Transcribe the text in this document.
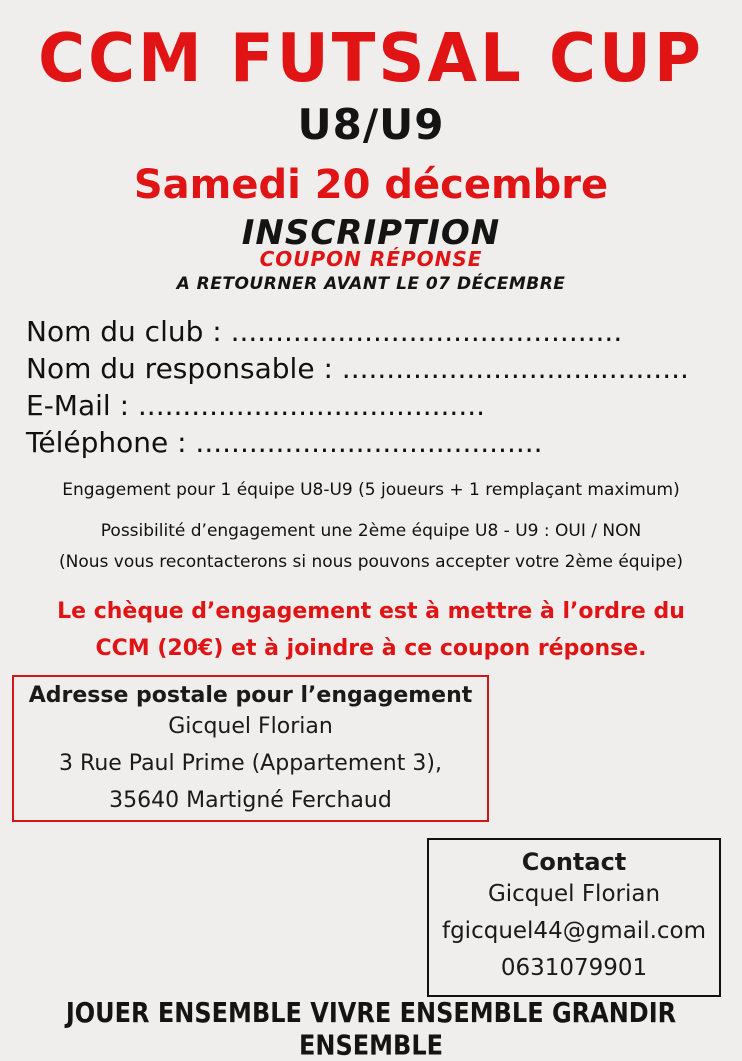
CCM FUTSAL CUP
U8/U9
Samedi 20 décembre
INSCRIPTION
COUPON RÉPONSE
A RETOURNER AVANT LE 07 DÉCEMBRE
Nom du club : ............................................
Nom du responsable : .......................................
E-Mail : .......................................
Téléphone : .......................................
Engagement pour 1 équipe U8-U9 (5 joueurs + 1 remplaçant maximum)
Possibilité d’engagement une 2ème équipe U8 - U9 : OUI / NON
(Nous vous recontacterons si nous pouvons accepter votre 2ème équipe)
Le chèque d’engagement est à mettre à l’ordre du
CCM (20€) et à joindre à ce coupon réponse.
Adresse postale pour l’engagement
Gicquel Florian
3 Rue Paul Prime (Appartement 3),
35640 Martigné Ferchaud
Contact
Gicquel Florian
fgicquel44@gmail.com
0631079901
JOUER ENSEMBLE VIVRE ENSEMBLE GRANDIR ENSEMBLE
